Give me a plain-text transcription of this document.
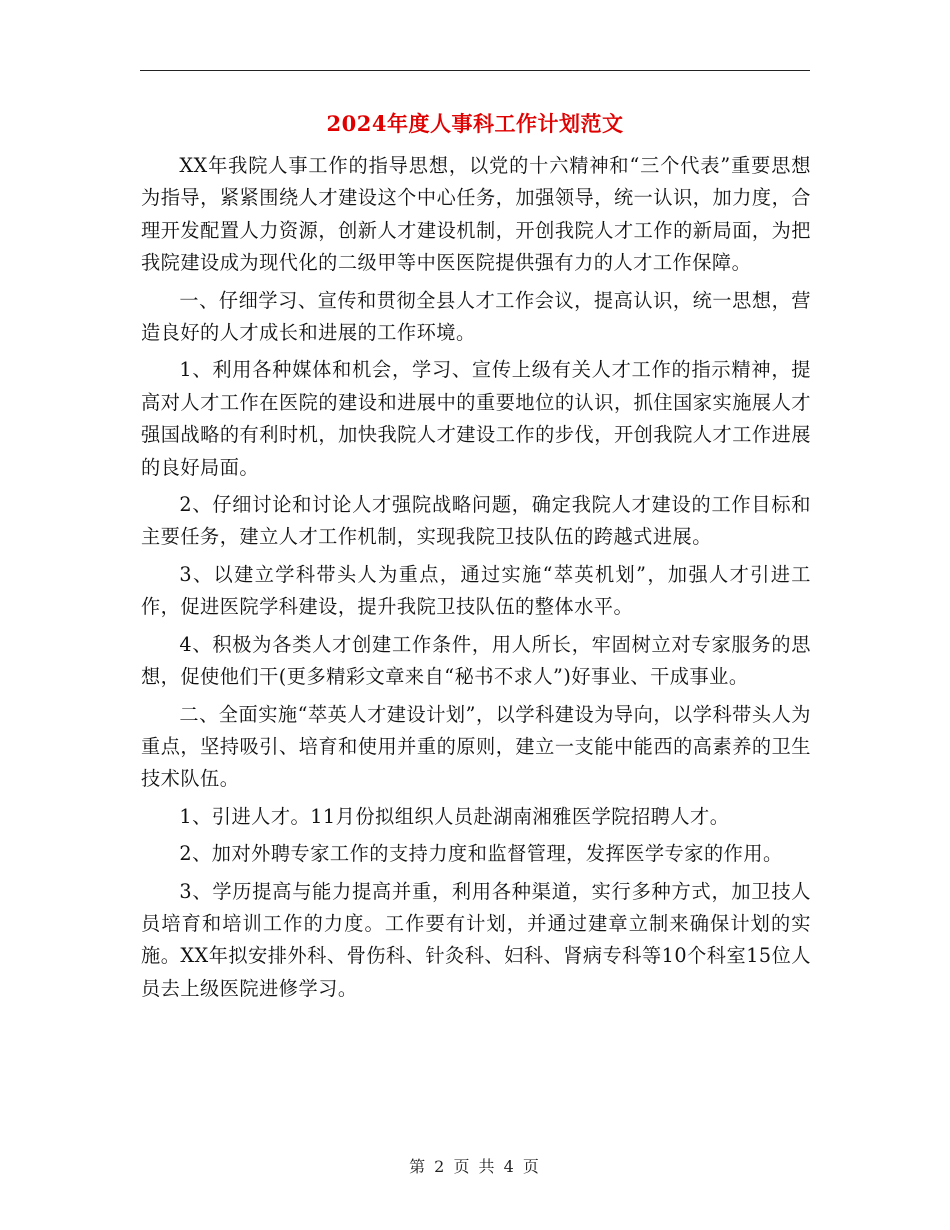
2024年度人事科工作计划范文

XX年我院人事工作的指导思想，以党的十六精神和“三个代表”重要思想为指导，紧紧围绕人才建设这个中心任务，加强领导，统一认识，加力度，合理开发配置人力资源，创新人才建设机制，开创我院人才工作的新局面，为把我院建设成为现代化的二级甲等中医医院提供强有力的人才工作保障。

一、仔细学习、宣传和贯彻全县人才工作会议，提高认识，统一思想，营造良好的人才成长和进展的工作环境。

1、利用各种媒体和机会，学习、宣传上级有关人才工作的指示精神，提高对人才工作在医院的建设和进展中的重要地位的认识，抓住国家实施展人才强国战略的有利时机，加快我院人才建设工作的步伐，开创我院人才工作进展的良好局面。

2、仔细讨论和讨论人才强院战略问题，确定我院人才建设的工作目标和主要任务，建立人才工作机制，实现我院卫技队伍的跨越式进展。

3、以建立学科带头人为重点，通过实施“萃英机划”，加强人才引进工作，促进医院学科建设，提升我院卫技队伍的整体水平。

4、积极为各类人才创建工作条件，用人所长，牢固树立对专家服务的思想，促使他们干(更多精彩文章来自“秘书不求人”)好事业、干成事业。

二、全面实施“萃英人才建设计划”，以学科建设为导向，以学科带头人为重点，坚持吸引、培育和使用并重的原则，建立一支能中能西的高素养的卫生技术队伍。

1、引进人才。11月份拟组织人员赴湖南湘雅医学院招聘人才。

2、加对外聘专家工作的支持力度和监督管理，发挥医学专家的作用。

3、学历提高与能力提高并重，利用各种渠道，实行多种方式，加卫技人员培育和培训工作的力度。工作要有计划，并通过建章立制来确保计划的实施。XX年拟安排外科、骨伤科、针灸科、妇科、肾病专科等10个科室15位人员去上级医院进修学习。

第 2 页 共 4 页
